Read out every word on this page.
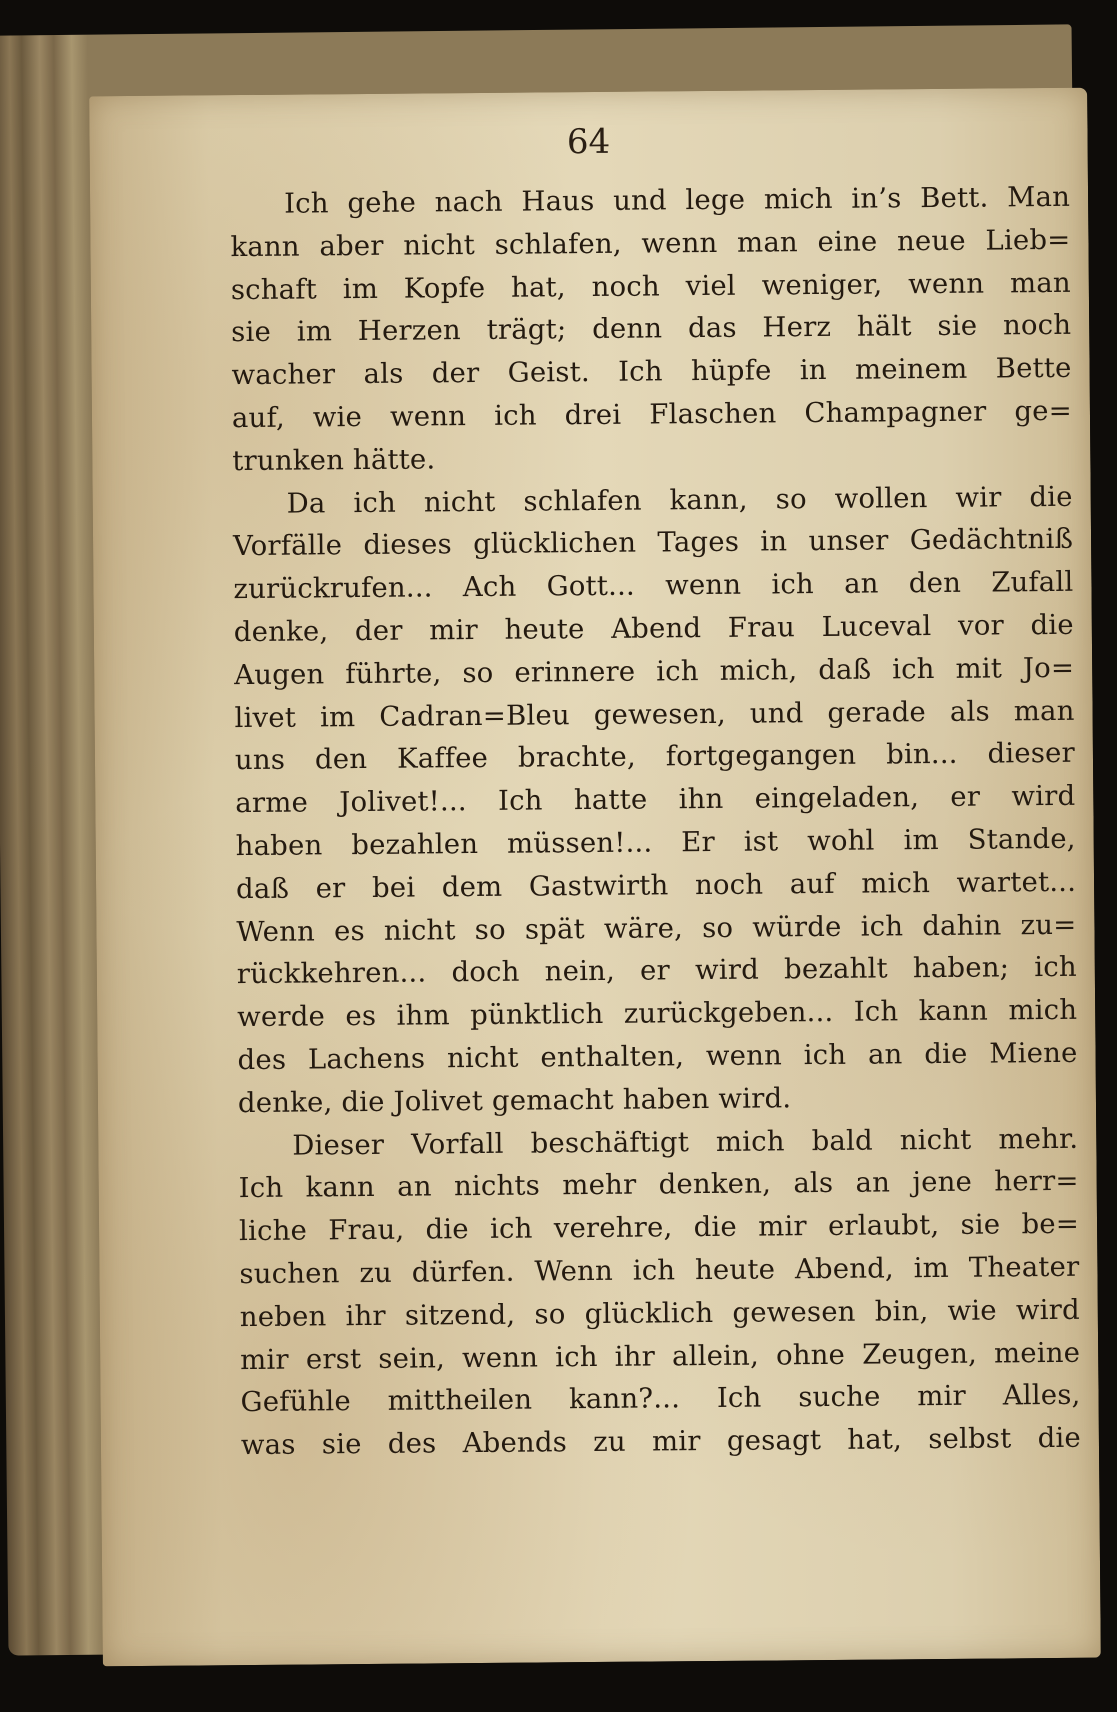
64
Ich gehe nach Haus und lege mich in’s Bett. Man
kann aber nicht schlafen, wenn man eine neue Lieb=
schaft im Kopfe hat, noch viel weniger, wenn man
sie im Herzen trägt; denn das Herz hält sie noch
wacher als der Geist. Ich hüpfe in meinem Bette
auf, wie wenn ich drei Flaschen Champagner ge=
trunken hätte.
Da ich nicht schlafen kann, so wollen wir die
Vorfälle dieses glücklichen Tages in unser Gedächtniß
zurückrufen... Ach Gott... wenn ich an den Zufall
denke, der mir heute Abend Frau Luceval vor die
Augen führte, so erinnere ich mich, daß ich mit Jo=
livet im Cadran=Bleu gewesen, und gerade als man
uns den Kaffee brachte, fortgegangen bin... dieser
arme Jolivet!... Ich hatte ihn eingeladen, er wird
haben bezahlen müssen!... Er ist wohl im Stande,
daß er bei dem Gastwirth noch auf mich wartet...
Wenn es nicht so spät wäre, so würde ich dahin zu=
rückkehren... doch nein, er wird bezahlt haben; ich
werde es ihm pünktlich zurückgeben... Ich kann mich
des Lachens nicht enthalten, wenn ich an die Miene
denke, die Jolivet gemacht haben wird.
Dieser Vorfall beschäftigt mich bald nicht mehr.
Ich kann an nichts mehr denken, als an jene herr=
liche Frau, die ich verehre, die mir erlaubt, sie be=
suchen zu dürfen. Wenn ich heute Abend, im Theater
neben ihr sitzend, so glücklich gewesen bin, wie wird
mir erst sein, wenn ich ihr allein, ohne Zeugen, meine
Gefühle mittheilen kann?... Ich suche mir Alles,
was sie des Abends zu mir gesagt hat, selbst die
